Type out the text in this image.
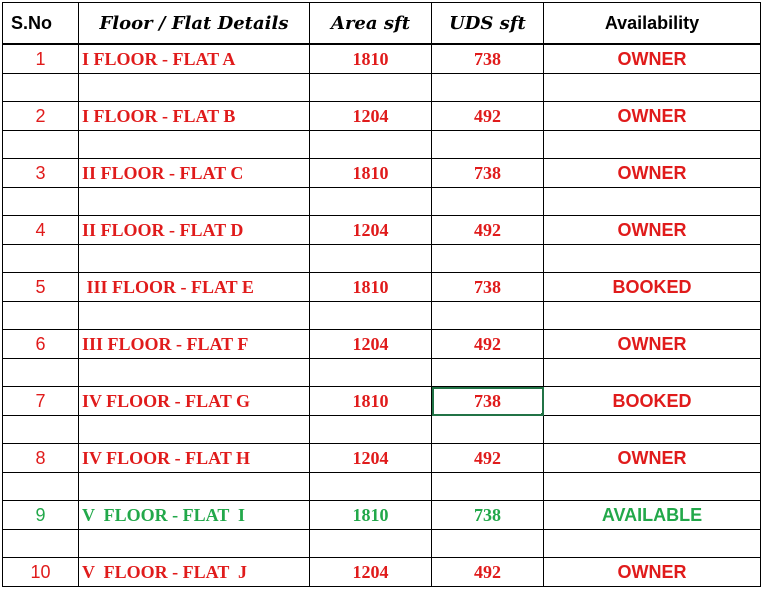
S.No	Floor / Flat Details	Area sft	UDS sft	Availability
1	I FLOOR - FLAT A	1810	738	OWNER

2	I FLOOR - FLAT B	1204	492	OWNER

3	II FLOOR - FLAT C	1810	738	OWNER

4	II FLOOR - FLAT D	1204	492	OWNER

5	III FLOOR - FLAT E	1810	738	BOOKED

6	III FLOOR - FLAT F	1204	492	OWNER

7	IV FLOOR - FLAT G	1810	738	BOOKED

8	IV FLOOR - FLAT H	1204	492	OWNER

9	V  FLOOR - FLAT  I	1810	738	AVAILABLE

10	V  FLOOR - FLAT  J	1204	492	OWNER
